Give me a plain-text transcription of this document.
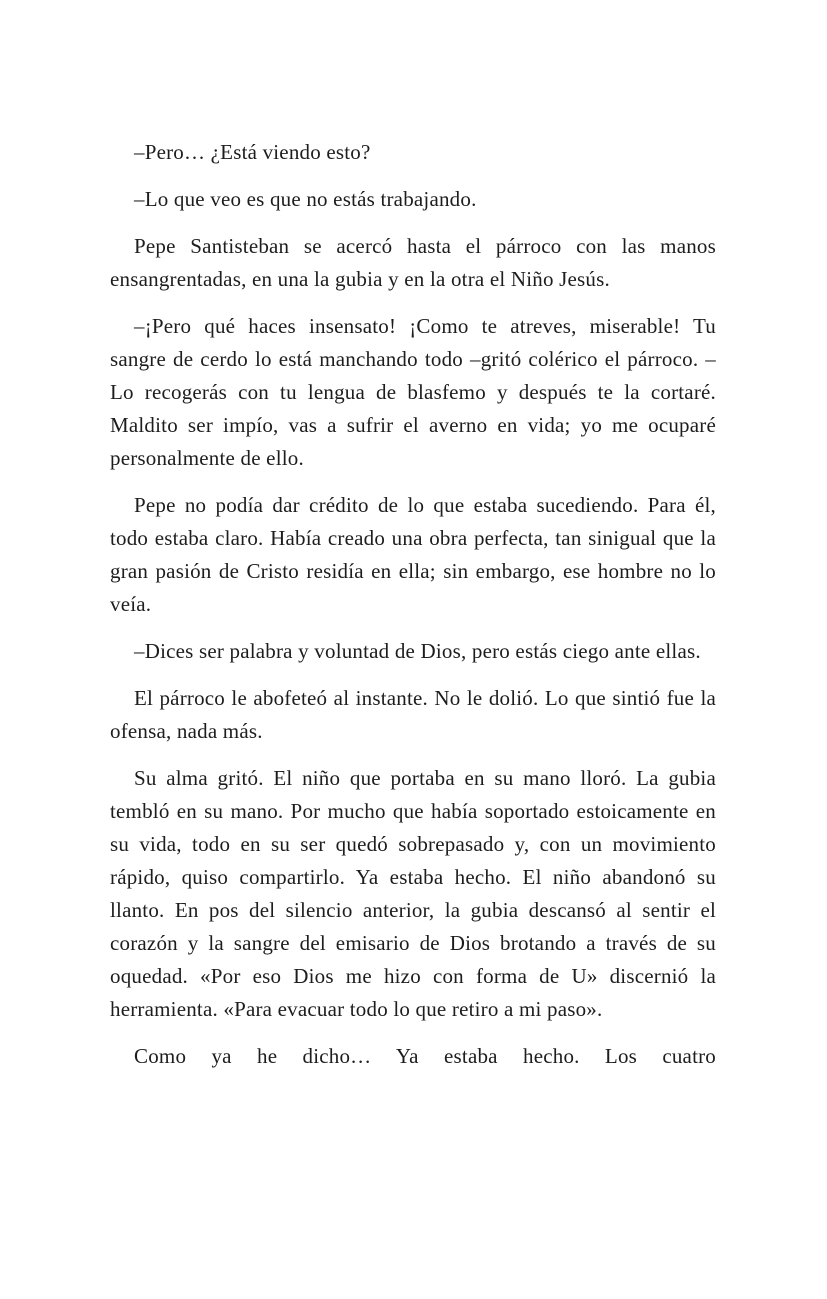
–Pero… ¿Está viendo esto?

–Lo que veo es que no estás trabajando.

Pepe Santisteban se acercó hasta el párroco con las manos ensangrentadas, en una la gubia y en la otra el Niño Jesús.

–¡Pero qué haces insensato! ¡Como te atreves, miserable! Tu sangre de cerdo lo está manchando todo –gritó colérico el párroco. –Lo recogerás con tu lengua de blasfemo y después te la cortaré. Maldito ser impío, vas a sufrir el averno en vida; yo me ocuparé personalmente de ello.

Pepe no podía dar crédito de lo que estaba sucediendo. Para él, todo estaba claro. Había creado una obra perfecta, tan sinigual que la gran pasión de Cristo residía en ella; sin embargo, ese hombre no lo veía.

–Dices ser palabra y voluntad de Dios, pero estás ciego ante ellas.

El párroco le abofeteó al instante. No le dolió. Lo que sintió fue la ofensa, nada más.

Su alma gritó. El niño que portaba en su mano lloró. La gubia tembló en su mano. Por mucho que había soportado estoicamente en su vida, todo en su ser quedó sobrepasado y, con un movimiento rápido, quiso compartirlo. Ya estaba hecho. El niño abandonó su llanto. En pos del silencio anterior, la gubia descansó al sentir el corazón y la sangre del emisario de Dios brotando a través de su oquedad. «Por eso Dios me hizo con forma de U» discernió la herramienta. «Para evacuar todo lo que retiro a mi paso».

Como ya he dicho… Ya estaba hecho. Los cuatro
